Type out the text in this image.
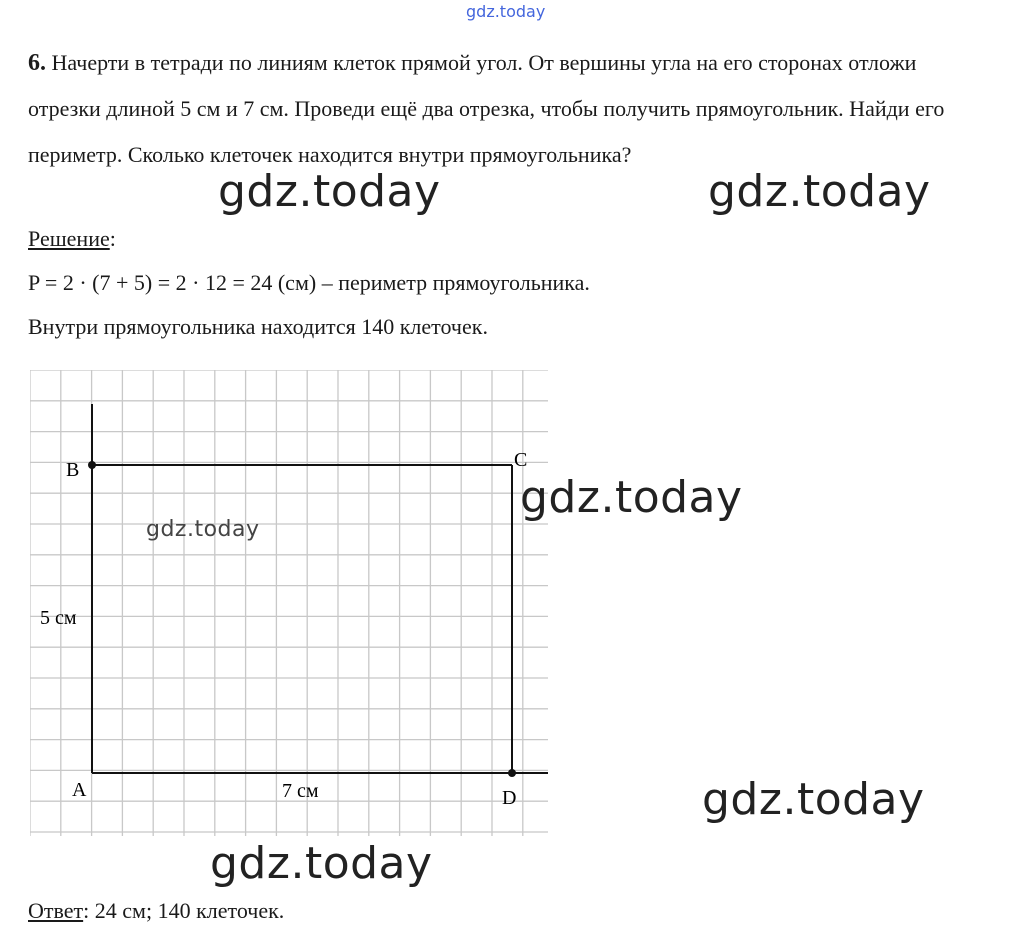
gdz.today
6. Начерти в тетради по линиям клеток прямой угол. От вершины угла на его сторонах отложи отрезки длиной 5 см и 7 см. Проведи ещё два отрезка, чтобы получить прямоугольник. Найди его периметр. Сколько клеточек находится внутри прямоугольника?
gdz.today	gdz.today
Решение:
P = 2 · (7 + 5) = 2 · 12 = 24 (см) – периметр прямоугольника.
Внутри прямоугольника находится 140 клеточек.
B	C
A	D
5 см
7 см
gdz.today
gdz.today
gdz.today
gdz.today
Ответ: 24 см; 140 клеточек.
